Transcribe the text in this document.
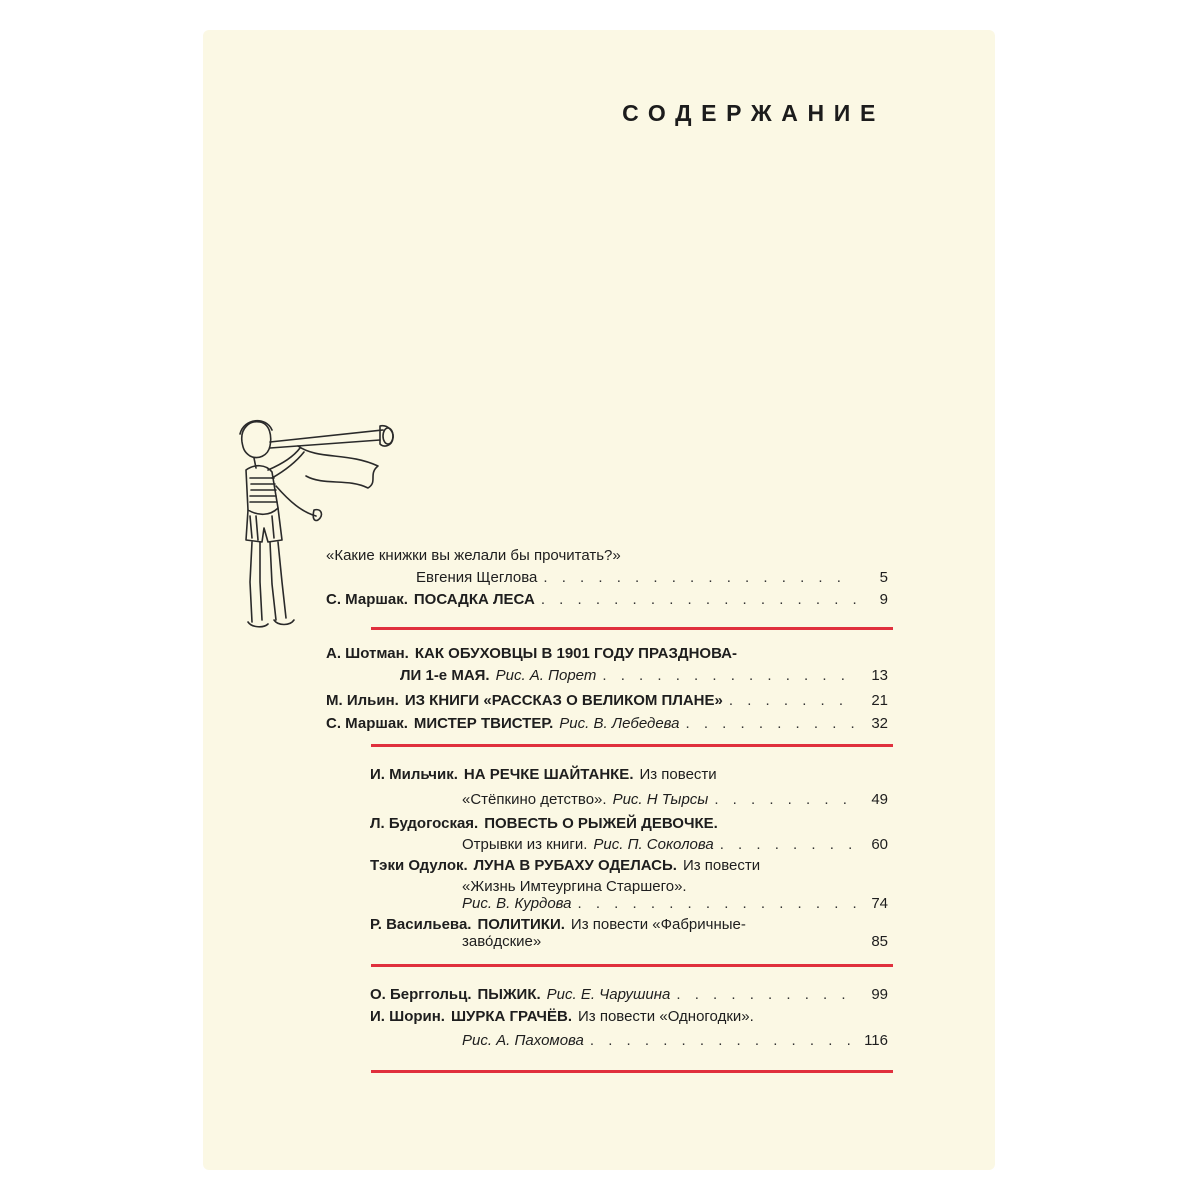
СОДЕРЖАНИЕ
«Какие книжки вы желали бы прочитать?»
Евгения Щеглова . . .	5
С. Маршак. ПОСАДКА ЛЕСА . . .	9
А. Шотман. КАК ОБУХОВЦЫ В 1901 ГОДУ ПРАЗДНОВА-
ЛИ 1-е МАЯ. Рис. А. Порет . . .	13
М. Ильин. ИЗ КНИГИ «РАССКАЗ О ВЕЛИКОМ ПЛАНЕ» . . .	21
С. Маршак. МИСТЕР ТВИСТЕР. Рис. В. Лебедева . . .	32
И. Мильчик. НА РЕЧКЕ ШАЙТАНКЕ. Из повести
«Стёпкино детство». Рис. Н Тырсы . . .	49
Л. Будогоская. ПОВЕСТЬ О РЫЖЕЙ ДЕВОЧКЕ.
Отрывки из книги. Рис. П. Соколова . . .	60
Тэки Одулок. ЛУНА В РУБАХУ ОДЕЛАСЬ. Из повести
«Жизнь Имтеургина Старшего».
Рис. В. Курдова . . .	74
Р. Васильева. ПОЛИТИКИ. Из повести «Фабричные-
заво́дские»	85
О. Берггольц. ПЫЖИК. Рис. Е. Чарушина . . .	99
И. Шорин. ШУРКА ГРАЧЁВ. Из повести «Одногодки».
Рис. А. Пахомова . . .	116
